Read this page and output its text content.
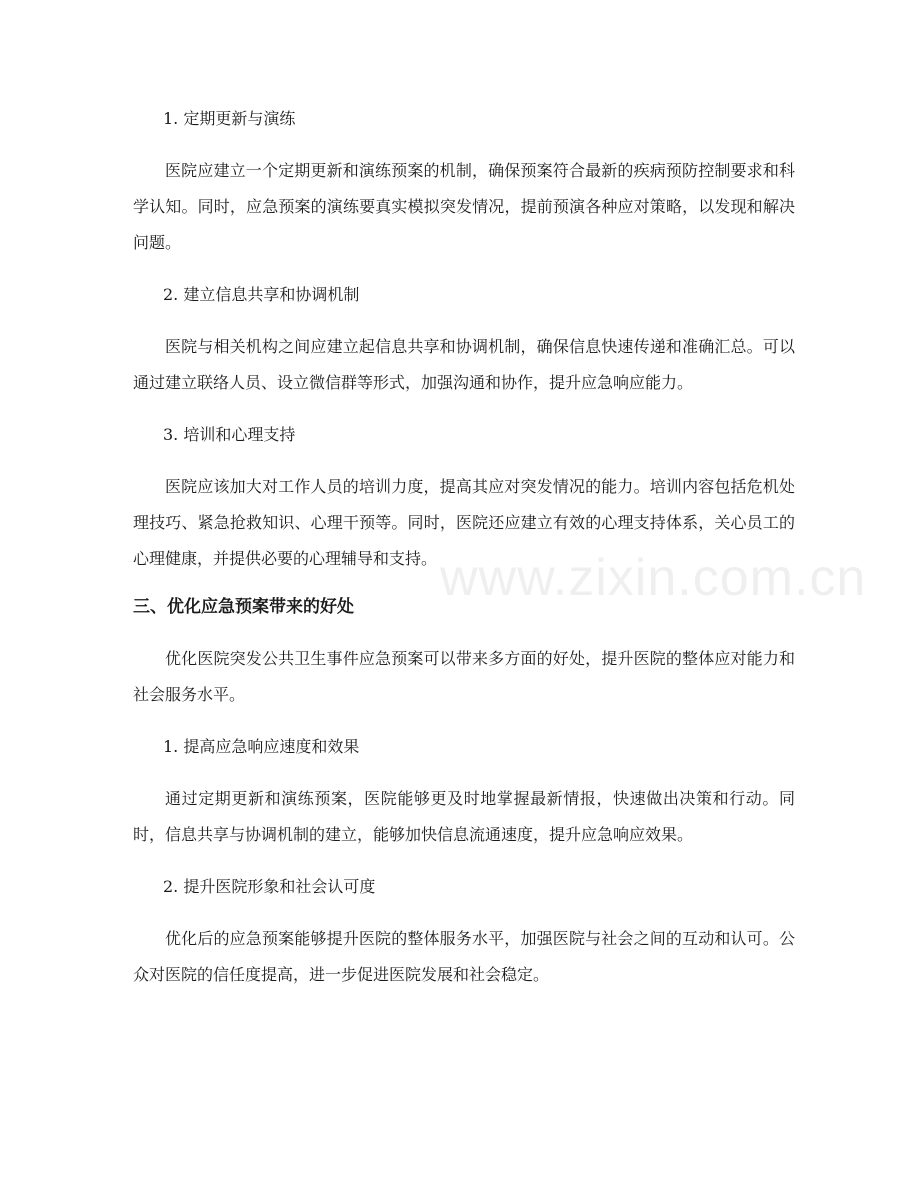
1. 定期更新与演练

医院应建立一个定期更新和演练预案的机制，确保预案符合最新的疾病预防控制要求和科学认知。同时，应急预案的演练要真实模拟突发情况，提前预演各种应对策略，以发现和解决问题。

2. 建立信息共享和协调机制

医院与相关机构之间应建立起信息共享和协调机制，确保信息快速传递和准确汇总。可以通过建立联络人员、设立微信群等形式，加强沟通和协作，提升应急响应能力。

3. 培训和心理支持

医院应该加大对工作人员的培训力度，提高其应对突发情况的能力。培训内容包括危机处理技巧、紧急抢救知识、心理干预等。同时，医院还应建立有效的心理支持体系，关心员工的心理健康，并提供必要的心理辅导和支持。

三、优化应急预案带来的好处

优化医院突发公共卫生事件应急预案可以带来多方面的好处，提升医院的整体应对能力和社会服务水平。

1. 提高应急响应速度和效果

通过定期更新和演练预案，医院能够更及时地掌握最新情报，快速做出决策和行动。同时，信息共享与协调机制的建立，能够加快信息流通速度，提升应急响应效果。

2. 提升医院形象和社会认可度

优化后的应急预案能够提升医院的整体服务水平，加强医院与社会之间的互动和认可。公众对医院的信任度提高，进一步促进医院发展和社会稳定。

www.zixin.com.cn
